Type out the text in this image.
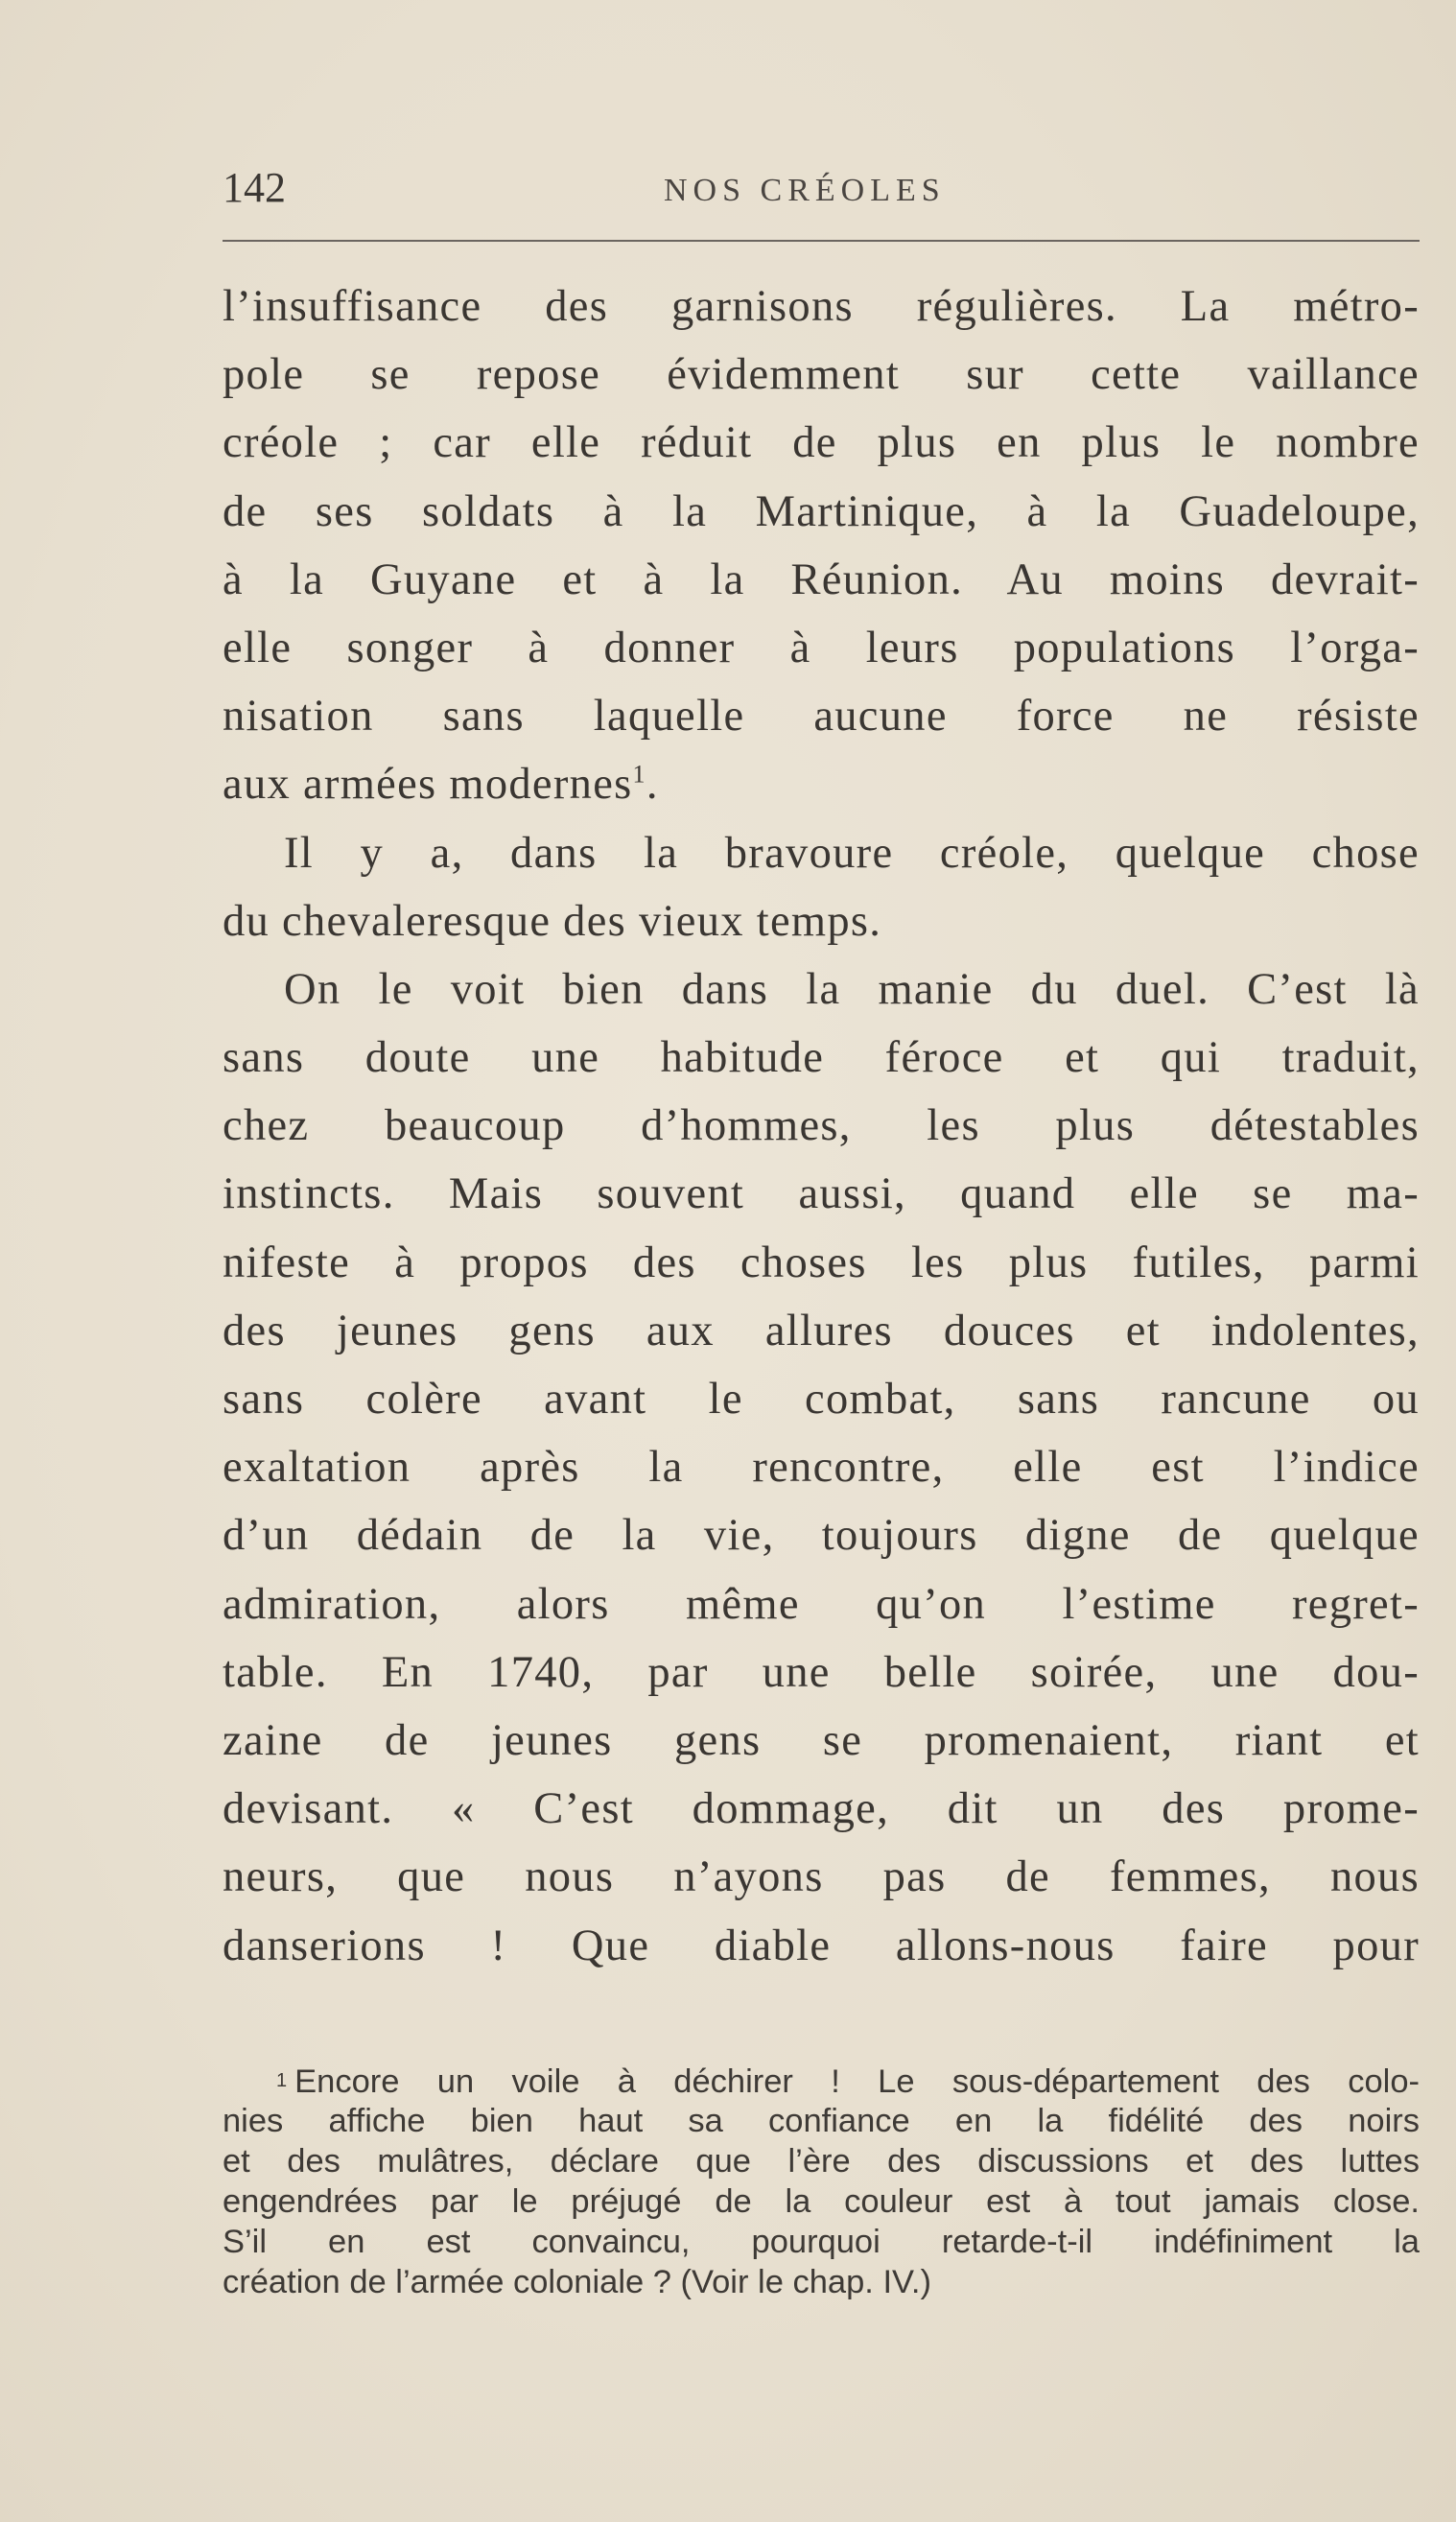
142	NOS CRÉOLES
l’insuffisance des garnisons régulières. La métro-
pole se repose évidemment sur cette vaillance
créole ; car elle réduit de plus en plus le nombre
de ses soldats à la Martinique, à la Guadeloupe,
à la Guyane et à la Réunion. Au moins devrait-
elle songer à donner à leurs populations l’orga-
nisation sans laquelle aucune force ne résiste
aux armées modernes$^1$.
Il y a, dans la bravoure créole, quelque chose
du chevaleresque des vieux temps.
On le voit bien dans la manie du duel. C’est là
sans doute une habitude féroce et qui traduit,
chez beaucoup d’hommes, les plus détestables
instincts. Mais souvent aussi, quand elle se ma-
nifeste à propos des choses les plus futiles, parmi
des jeunes gens aux allures douces et indolentes,
sans colère avant le combat, sans rancune ou
exaltation après la rencontre, elle est l’indice
d’un dédain de la vie, toujours digne de quelque
admiration, alors même qu’on l’estime regret-
table. En 1740, par une belle soirée, une dou-
zaine de jeunes gens se promenaient, riant et
devisant. « C’est dommage, dit un des prome-
neurs, que nous n’ayons pas de femmes, nous
danserions ! Que diable allons-nous faire pour
1 Encore un voile à déchirer ! Le sous-département des colo-
nies affiche bien haut sa confiance en la fidélité des noirs
et des mulâtres, déclare que l’ère des discussions et des luttes
engendrées par le préjugé de la couleur est à tout jamais close.
S’il en est convaincu, pourquoi retarde-t-il indéfiniment la
création de l’armée coloniale ? (Voir le chap. IV.)
